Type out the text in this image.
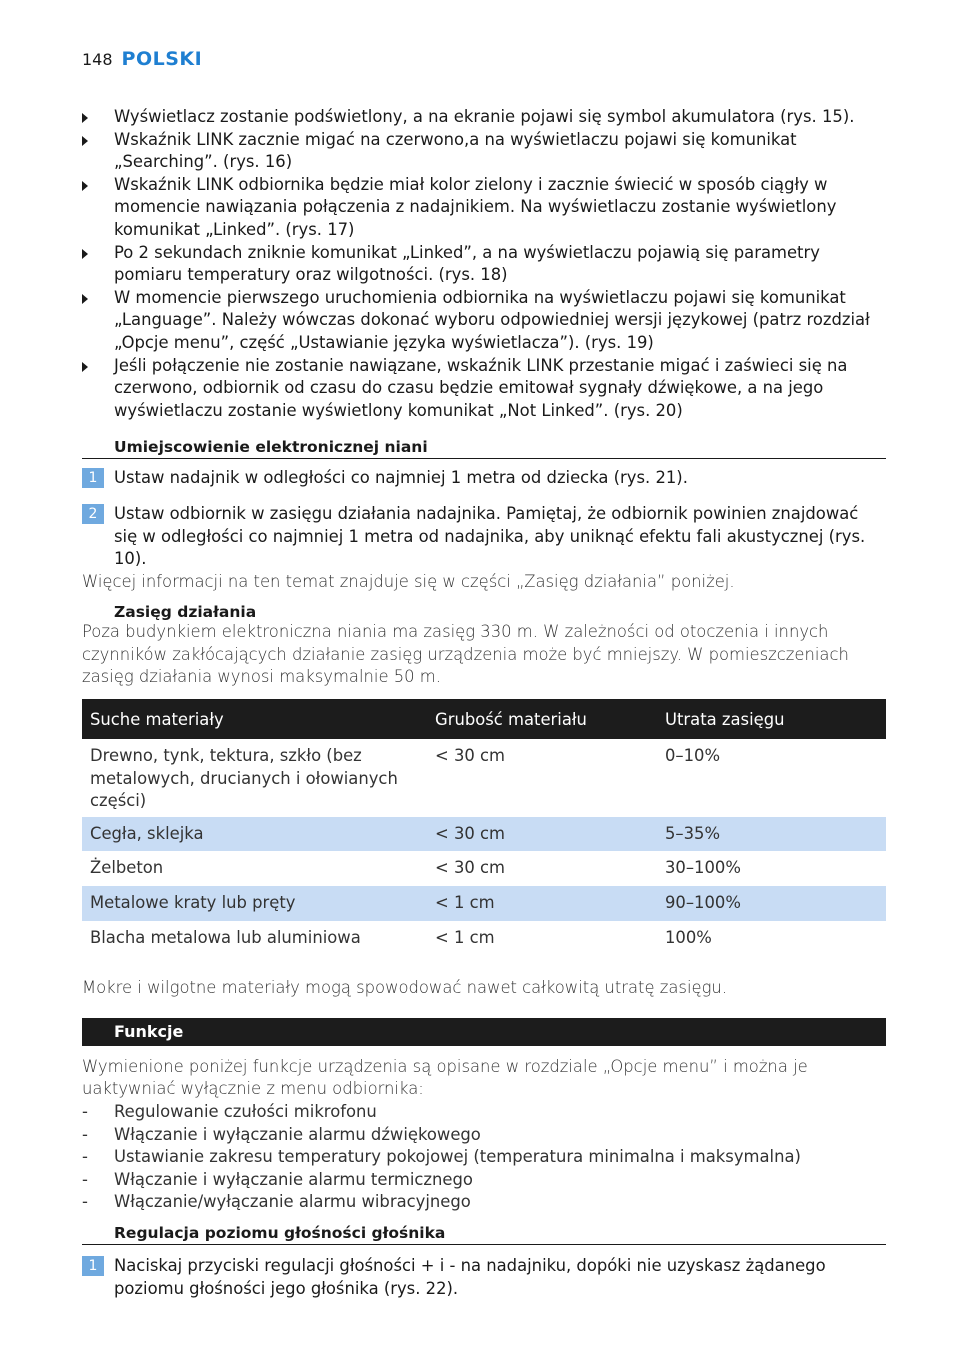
148 POLSKI
Wyświetlacz zostanie podświetlony, a na ekranie pojawi się symbol akumulatora (rys. 15).
Wskaźnik LINK zacznie migać na czerwono,a na wyświetlaczu pojawi się komunikat „Searching”. (rys. 16)
Wskaźnik LINK odbiornika będzie miał kolor zielony i zacznie świecić w sposób ciągły w momencie nawiązania połączenia z nadajnikiem. Na wyświetlaczu zostanie wyświetlony komunikat „Linked”. (rys. 17)
Po 2 sekundach zniknie komunikat „Linked”, a na wyświetlaczu pojawią się parametry pomiaru temperatury oraz wilgotności. (rys. 18)
W momencie pierwszego uruchomienia odbiornika na wyświetlaczu pojawi się komunikat „Language”. Należy wówczas dokonać wyboru odpowiedniej wersji językowej (patrz rozdział „Opcje menu”, część „Ustawianie języka wyświetlacza”). (rys. 19)
Jeśli połączenie nie zostanie nawiązane, wskaźnik LINK przestanie migać i zaświeci się na czerwono, odbiornik od czasu do czasu będzie emitował sygnały dźwiękowe, a na jego wyświetlaczu zostanie wyświetlony komunikat „Not Linked”. (rys. 20)
Umiejscowienie elektronicznej niani
1	Ustaw nadajnik w odległości co najmniej 1 metra od dziecka (rys. 21).
2	Ustaw odbiornik w zasięgu działania nadajnika. Pamiętaj, że odbiornik powinien znajdować się w odległości co najmniej 1 metra od nadajnika, aby uniknąć efektu fali akustycznej (rys. 10).
Więcej informacji na ten temat znajduje się w części „Zasięg działania” poniżej.
Zasięg działania
Poza budynkiem elektroniczna niania ma zasięg 330 m. W zależności od otoczenia i innych czynników zakłócających działanie zasięg urządzenia może być mniejszy. W pomieszczeniach zasięg działania wynosi maksymalnie 50 m.
Suche materiały	Grubość materiału	Utrata zasięgu
Drewno, tynk, tektura, szkło (bez metalowych, drucianych i ołowianych części)	< 30 cm	0–10%
Cegła, sklejka	< 30 cm	5–35%
Żelbeton	< 30 cm	30–100%
Metalowe kraty lub pręty	< 1 cm	90–100%
Blacha metalowa lub aluminiowa	< 1 cm	100%
Mokre i wilgotne materiały mogą spowodować nawet całkowitą utratę zasięgu.
Funkcje
Wymienione poniżej funkcje urządzenia są opisane w rozdziale „Opcje menu” i można je uaktywniać wyłącznie z menu odbiornika:
- Regulowanie czułości mikrofonu
- Włączanie i wyłączanie alarmu dźwiękowego
- Ustawianie zakresu temperatury pokojowej (temperatura minimalna i maksymalna)
- Włączanie i wyłączanie alarmu termicznego
- Włączanie/wyłączanie alarmu wibracyjnego
Regulacja poziomu głośności głośnika
1	Naciskaj przyciski regulacji głośności + i - na nadajniku, dopóki nie uzyskasz żądanego poziomu głośności jego głośnika (rys. 22).
